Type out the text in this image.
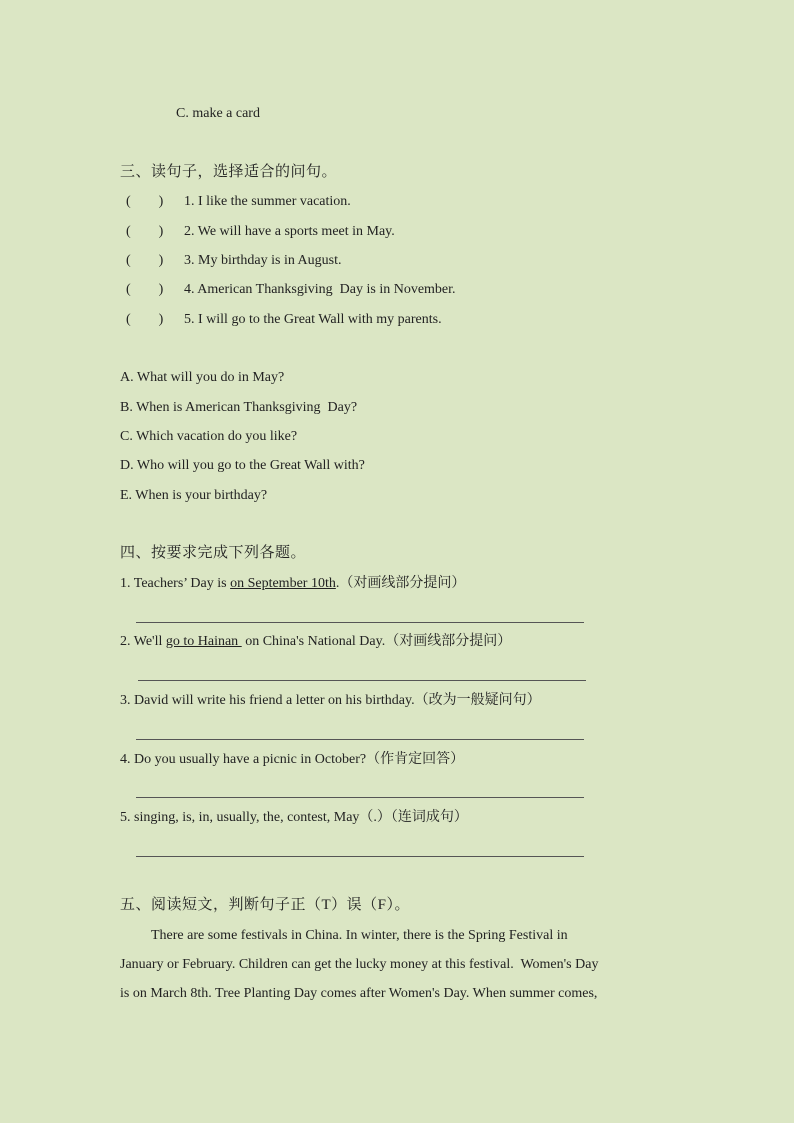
C. make a card
三、读句子，选择适合的问句。
(        ) 1. I like the summer vacation.
(        ) 2. We will have a sports meet in May.
(        ) 3. My birthday is in August.
(        ) 4. American Thanksgiving  Day is in November.
(        ) 5. I will go to the Great Wall with my parents.
A. What will you do in May?
B. When is American Thanksgiving  Day?
C. Which vacation do you like?
D. Who will you go to the Great Wall with?
E. When is your birthday?
四、按要求完成下列各题。
1. Teachers’ Day is on September 10th.（对画线部分提问）
2. We'll go to Hainan  on China's National Day.（对画线部分提问）
3. David will write his friend a letter on his birthday.（改为一般疑问句）
4. Do you usually have a picnic in October?（作肯定回答）
5. singing, is, in, usually, the, contest, May（.）（连词成句）
五、阅读短文，判断句子正（T）误（F）。
There are some festivals in China. In winter, there is the Spring Festival in
January or February. Children can get the lucky money at this festival.  Women's Day
is on March 8th. Tree Planting Day comes after Women's Day. When summer comes,
